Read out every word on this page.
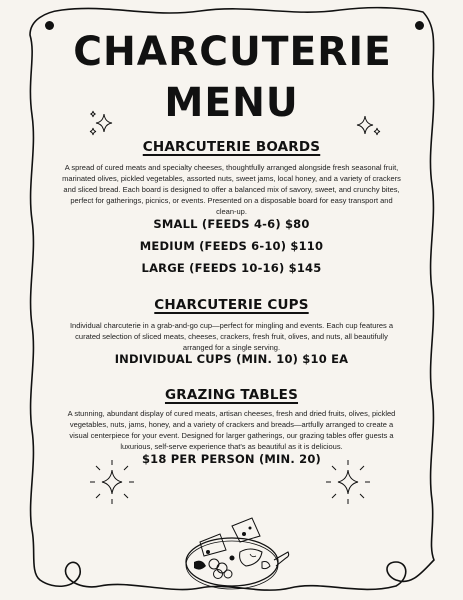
CHARCUTERIE
MENU
CHARCUTERIE BOARDS
A spread of cured meats and specialty cheeses, thoughtfully arranged alongside fresh seasonal fruit, marinated olives, pickled vegetables, assorted nuts, sweet jams, local honey, and a variety of crackers and sliced bread. Each board is designed to offer a balanced mix of savory, sweet, and crunchy bites, perfect for gatherings, picnics, or events. Presented on a disposable board for easy transport and clean-up.
SMALL (FEEDS 4-6) $80
MEDIUM (FEEDS 6-10) $110
LARGE (FEEDS 10-16) $145
CHARCUTERIE CUPS
Individual charcuterie in a grab-and-go cup—perfect for mingling and events. Each cup features a curated selection of sliced meats, cheeses, crackers, fresh fruit, olives, and nuts, all beautifully arranged for a single serving.
INDIVIDUAL CUPS (MIN. 10) $10 EA
GRAZING TABLES
A stunning, abundant display of cured meats, artisan cheeses, fresh and dried fruits, olives, pickled vegetables, nuts, jams, honey, and a variety of crackers and breads—artfully arranged to create a visual centerpiece for your event. Designed for larger gatherings, our grazing tables offer guests a luxurious, self-serve experience that's as beautiful as it is delicious.
$18 PER PERSON (MIN. 20)
